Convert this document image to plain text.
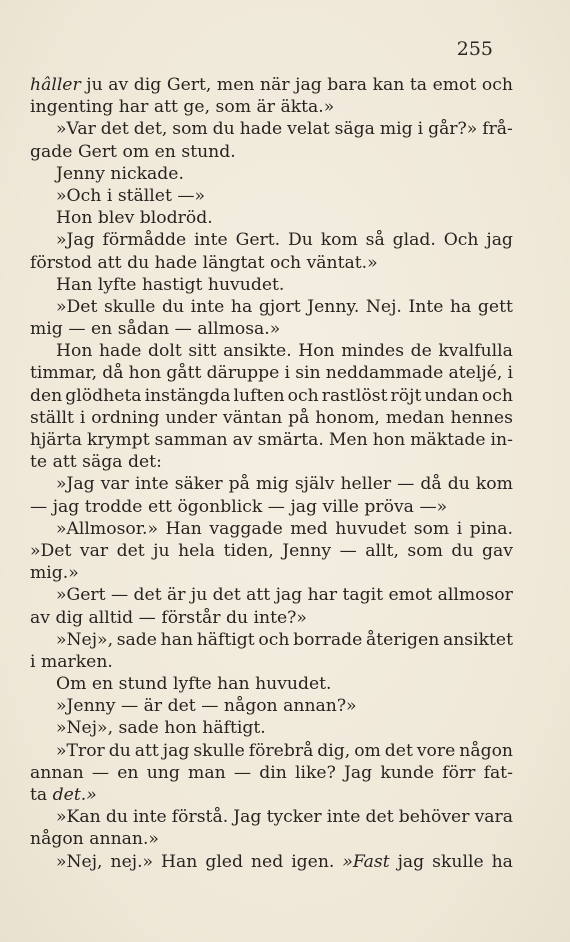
255
hâller ju av dig Gert, men när jag bara kan ta emot och
ingenting har att ge, som är äkta.»
»Var det det, som du hade velat säga mig i går?» frå-
gade Gert om en stund.
Jenny nickade.
»Och i stället —»
Hon blev blodröd.
»Jag förmådde inte Gert. Du kom så glad. Och jag
förstod att du hade längtat och väntat.»
Han lyfte hastigt huvudet.
»Det skulle du inte ha gjort Jenny. Nej. Inte ha gett
mig — en sådan — allmosa.»
Hon hade dolt sitt ansikte. Hon mindes de kvalfulla
timmar, då hon gått däruppe i sin neddammade ateljé, i
den glödheta instängda luften och rastlöst röjt undan och
ställt i ordning under väntan på honom, medan hennes
hjärta krympt samman av smärta. Men hon mäktade in-
te att säga det:
»Jag var inte säker på mig själv heller — då du kom
— jag trodde ett ögonblick — jag ville pröva —»
»Allmosor.» Han vaggade med huvudet som i pina.
»Det var det ju hela tiden, Jenny — allt, som du gav
mig.»
»Gert — det är ju det att jag har tagit emot allmosor
av dig alltid — förstår du inte?»
»Nej», sade han häftigt och borrade återigen ansiktet
i marken.
Om en stund lyfte han huvudet.
»Jenny — är det — någon annan?»
»Nej», sade hon häftigt.
»Tror du att jag skulle förebrå dig, om det vore någon
annan — en ung man — din like? Jag kunde förr fat-
ta det.»
»Kan du inte förstå. Jag tycker inte det behöver vara
någon annan.»
»Nej, nej.» Han gled ned igen. »Fast jag skulle ha
